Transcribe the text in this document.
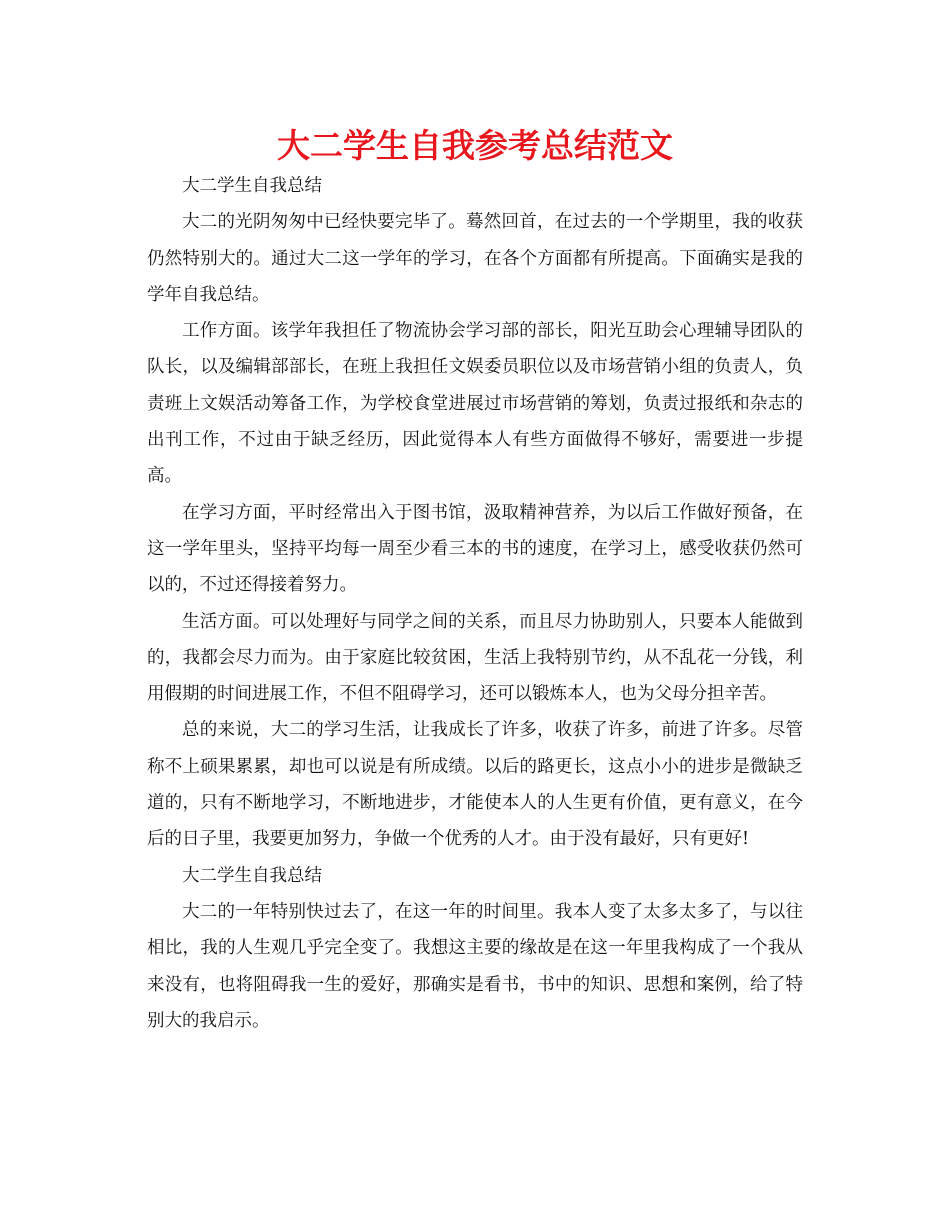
大二学生自我参考总结范文

大二学生自我总结

大二的光阴匆匆中已经快要完毕了。蓦然回首，在过去的一个学期里，我的收获仍然特别大的。通过大二这一学年的学习，在各个方面都有所提高。下面确实是我的学年自我总结。

工作方面。该学年我担任了物流协会学习部的部长，阳光互助会心理辅导团队的队长，以及编辑部部长，在班上我担任文娱委员职位以及市场营销小组的负责人，负责班上文娱活动筹备工作，为学校食堂进展过市场营销的筹划，负责过报纸和杂志的出刊工作，不过由于缺乏经历，因此觉得本人有些方面做得不够好，需要进一步提高。

在学习方面，平时经常出入于图书馆，汲取精神营养，为以后工作做好预备，在这一学年里头，坚持平均每一周至少看三本的书的速度，在学习上，感受收获仍然可以的，不过还得接着努力。

生活方面。可以处理好与同学之间的关系，而且尽力协助别人，只要本人能做到的，我都会尽力而为。由于家庭比较贫困，生活上我特别节约，从不乱花一分钱，利用假期的时间进展工作，不但不阻碍学习，还可以锻炼本人，也为父母分担辛苦。

总的来说，大二的学习生活，让我成长了许多，收获了许多，前进了许多。尽管称不上硕果累累，却也可以说是有所成绩。以后的路更长，这点小小的进步是微缺乏道的，只有不断地学习，不断地进步，才能使本人的人生更有价值，更有意义，在今后的日子里，我要更加努力，争做一个优秀的人才。由于没有最好，只有更好!

大二学生自我总结

大二的一年特别快过去了，在这一年的时间里。我本人变了太多太多了，与以往相比，我的人生观几乎完全变了。我想这主要的缘故是在这一年里我构成了一个我从来没有，也将阻碍我一生的爱好，那确实是看书，书中的知识、思想和案例，给了特别大的我启示。
